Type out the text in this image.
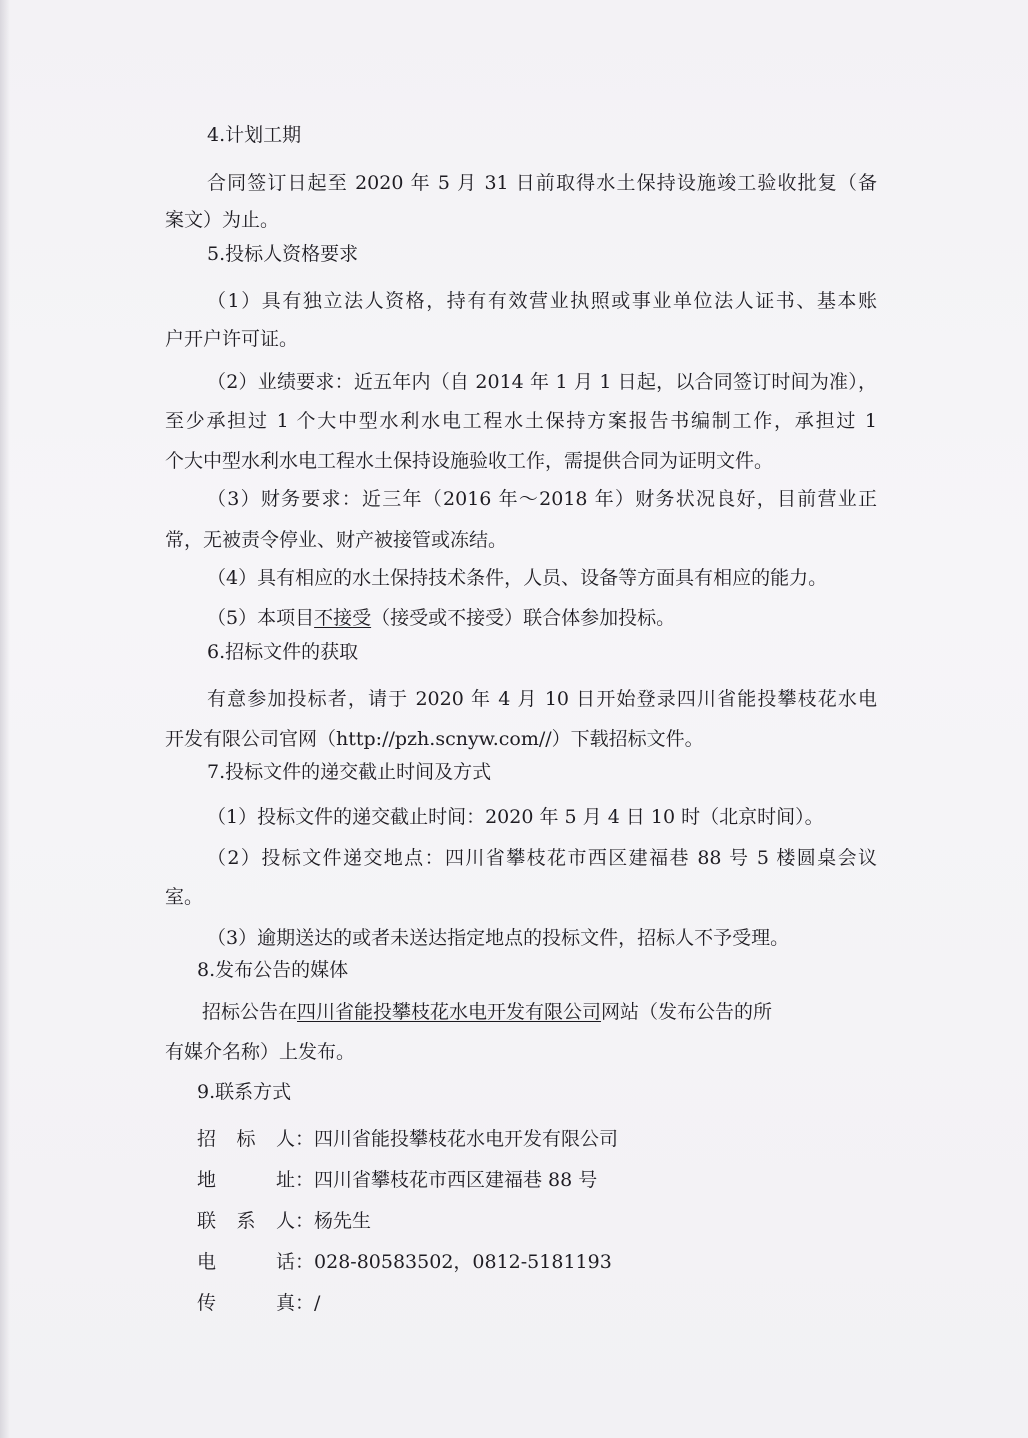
4.计划工期
合同签订日起至 2020 年 5 月 31 日前取得水土保持设施竣工验收批复（备
案文）为止。
5.投标人资格要求
（1）具有独立法人资格，持有有效营业执照或事业单位法人证书、基本账
户开户许可证。
（2）业绩要求：近五年内（自 2014 年 1 月 1 日起，以合同签订时间为准），
至少承担过 1 个大中型水利水电工程水土保持方案报告书编制工作，承担过 1
个大中型水利水电工程水土保持设施验收工作，需提供合同为证明文件。
（3）财务要求：近三年（2016 年～2018 年）财务状况良好，目前营业正
常，无被责令停业、财产被接管或冻结。
（4）具有相应的水土保持技术条件，人员、设备等方面具有相应的能力。
（5）本项目不接受（接受或不接受）联合体参加投标。
6.招标文件的获取
有意参加投标者，请于 2020 年 4 月 10 日开始登录四川省能投攀枝花水电
开发有限公司官网（http://pzh.scnyw.com//）下载招标文件。
7.投标文件的递交截止时间及方式
（1）投标文件的递交截止时间：2020 年 5 月 4 日 10 时（北京时间）。
（2）投标文件递交地点：四川省攀枝花市西区建福巷 88 号 5 楼圆桌会议
室。
（3）逾期送达的或者未送达指定地点的投标文件，招标人不予受理。
8.发布公告的媒体
招标公告在 四川省能投攀枝花水电开发有限公司 网站（发布公告的所
有媒介名称）上发布。
9.联系方式
招 标 人：四川省能投攀枝花水电开发有限公司
地 址：四川省攀枝花市西区建福巷 88 号
联 系 人：杨先生
电 话：028-80583502，0812-5181193
传 真：/
